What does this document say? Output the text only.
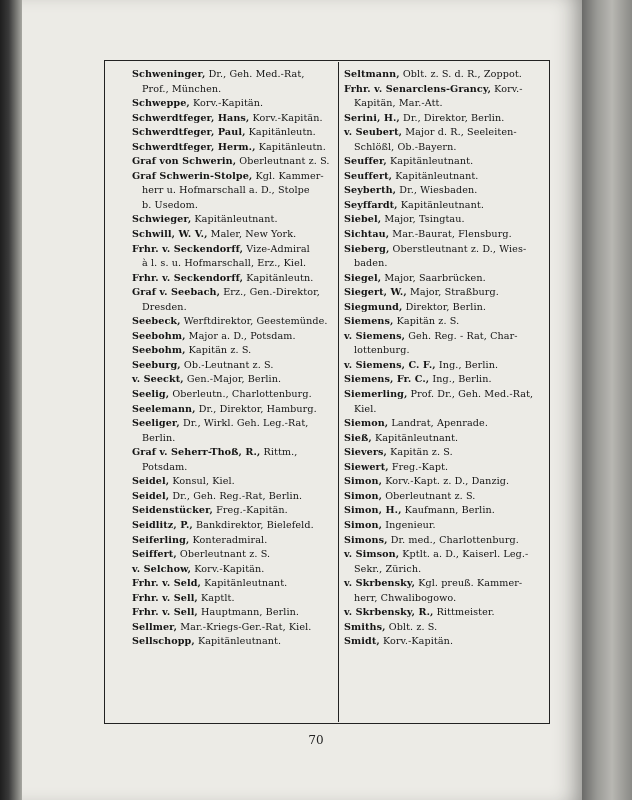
Schweninger, Dr., Geh. Med.-Rat,
Prof., München.
Schweppe, Korv.-Kapitän.
Schwerdtfeger, Hans, Korv.-Kapitän.
Schwerdtfeger, Paul, Kapitänleutn.
Schwerdtfeger, Herm., Kapitänleutn.
Graf von Schwerin, Oberleutnant z. S.
Graf Schwerin-Stolpe, Kgl. Kammer-
herr u. Hofmarschall a. D., Stolpe
b. Usedom.
Schwieger, Kapitänleutnant.
Schwill, W. V., Maler, New York.
Frhr. v. Seckendorff, Vize-Admiral
à l. s. u. Hofmarschall, Erz., Kiel.
Frhr. v. Seckendorff, Kapitänleutn.
Graf v. Seebach, Erz., Gen.-Direktor,
Dresden.
Seebeck, Werftdirektor, Geestemünde.
Seebohm, Major a. D., Potsdam.
Seebohm, Kapitän z. S.
Seeburg, Ob.-Leutnant z. S.
v. Seeckt, Gen.-Major, Berlin.
Seelig, Oberleutn., Charlottenburg.
Seelemann, Dr., Direktor, Hamburg.
Seeliger, Dr., Wirkl. Geh. Leg.-Rat,
Berlin.
Graf v. Seherr-Thoß, R., Rittm.,
Potsdam.
Seidel, Konsul, Kiel.
Seidel, Dr., Geh. Reg.-Rat, Berlin.
Seidenstücker, Freg.-Kapitän.
Seidlitz, P., Bankdirektor, Bielefeld.
Seiferling, Konteradmiral.
Seiffert, Oberleutnant z. S.
v. Selchow, Korv.-Kapitän.
Frhr. v. Seld, Kapitänleutnant.
Frhr. v. Sell, Kaptlt.
Frhr. v. Sell, Hauptmann, Berlin.
Sellmer, Mar.-Kriegs-Ger.-Rat, Kiel.
Sellschopp, Kapitänleutnant.
Seltmann, Oblt. z. S. d. R., Zoppot.
Frhr. v. Senarclens-Grancy, Korv.-
Kapitän, Mar.-Att.
Serini, H., Dr., Direktor, Berlin.
v. Seubert, Major d. R., Seeleiten-
Schlößl, Ob.-Bayern.
Seuffer, Kapitänleutnant.
Seuffert, Kapitänleutnant.
Seyberth, Dr., Wiesbaden.
Seyffardt, Kapitänleutnant.
Siebel, Major, Tsingtau.
Sichtau, Mar.-Baurat, Flensburg.
Sieberg, Oberstleutnant z. D., Wies-
baden.
Siegel, Major, Saarbrücken.
Siegert, W., Major, Straßburg.
Siegmund, Direktor, Berlin.
Siemens, Kapitän z. S.
v. Siemens, Geh. Reg. - Rat, Char-
lottenburg.
v. Siemens, C. F., Ing., Berlin.
Siemens, Fr. C., Ing., Berlin.
Siemerling, Prof. Dr., Geh. Med.-Rat,
Kiel.
Siemon, Landrat, Apenrade.
Sieß, Kapitänleutnant.
Sievers, Kapitän z. S.
Siewert, Freg.-Kapt.
Simon, Korv.-Kapt. z. D., Danzig.
Simon, Oberleutnant z. S.
Simon, H., Kaufmann, Berlin.
Simon, Ingenieur.
Simons, Dr. med., Charlottenburg.
v. Simson, Kptlt. a. D., Kaiserl. Leg.-
Sekr., Zürich.
v. Skrbensky, Kgl. preuß. Kammer-
herr, Chwalibogowo.
v. Skrbensky, R., Rittmeister.
Smiths, Oblt. z. S.
Smidt, Korv.-Kapitän.
70
